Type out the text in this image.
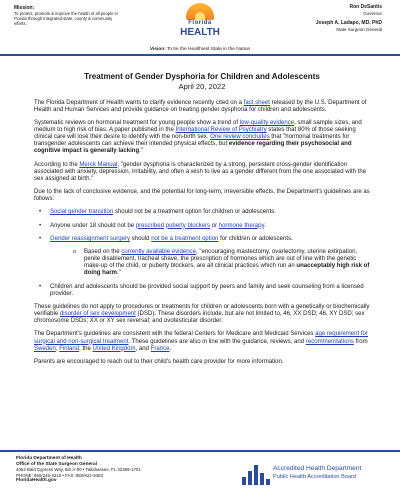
Mission:
To protect, promote & improve the health of all people in Florida through integrated state, county & community efforts.	Florida
HEALTH
Ron DeSantis
Governor
Joseph A. Ladapo, MD, PhD
State Surgeon General
Vision: To be the Healthiest State in the Nation
Treatment of Gender Dysphoria for Children and Adolescents
April 20, 2022
The Florida Department of Health wants to clarify evidence recently cited on a fact sheet released by the U.S. Department of Health and Human Services and provide guidance on treating gender dysphoria for children and adolescents.
Systematic reviews on hormonal treatment for young people show a trend of low-quality evidence, small sample sizes, and medium to high risk of bias. A paper published in the International Review of Psychiatry states that 80% of those seeking clinical care will lose their desire to identify with the non-birth sex. One review concludes that "hormonal treatments for transgender adolescents can achieve their intended physical effects, but evidence regarding their psychosocial and cognitive impact is generally lacking."
According to the Merck Manual, "gender dysphoria is characterized by a strong, persistent cross-gender identification associated with anxiety, depression, irritability, and often a wish to live as a gender different from the one associated with the sex assigned at birth."
Due to the lack of conclusive evidence, and the potential for long-term, irreversible effects, the Department's guidelines are as follows:
• Social gender transition should not be a treatment option for children or adolescents.
• Anyone under 18 should not be prescribed puberty blockers or hormone therapy.
• Gender reassignment surgery should not be a treatment option for children or adolescents.
o Based on the currently available evidence, "encouraging mastectomy, ovariectomy, uterine extirpation, penile disablement, tracheal shave, the prescription of hormones which are out of line with the genetic make-up of the child, or puberty blockers, are all clinical practices which run an unacceptably high risk of doing harm."
• Children and adolescents should be provided social support by peers and family and seek counseling from a licensed provider.
These guidelines do not apply to procedures or treatments for children or adolescents born with a genetically or biochemically verifiable disorder of sex development (DSD). These disorders include, but are not limited to, 46, XX DSD; 46, XY DSD; sex chromosome DSDs; XX or XY sex reversal; and ovotesticular disorder.
The Department's guidelines are consistent with the federal Centers for Medicare and Medicaid Services age requirement for surgical and non-surgical treatment. These guidelines are also in line with the guidance, reviews, and recommendations from Sweden, Finland, the United Kingdom, and France.
Parents are encouraged to reach out to their child's health care provider for more information.
Florida Department of Health
Office of the State Surgeon General
4052 Bald Cypress Way, Bin A-00 • Tallahassee, FL 32399-1701
PHONE: 850/245-4210 • FAX: 850/922-9453
FloridaHealth.gov
Accredited Health Department
Public Health Accreditation Board
